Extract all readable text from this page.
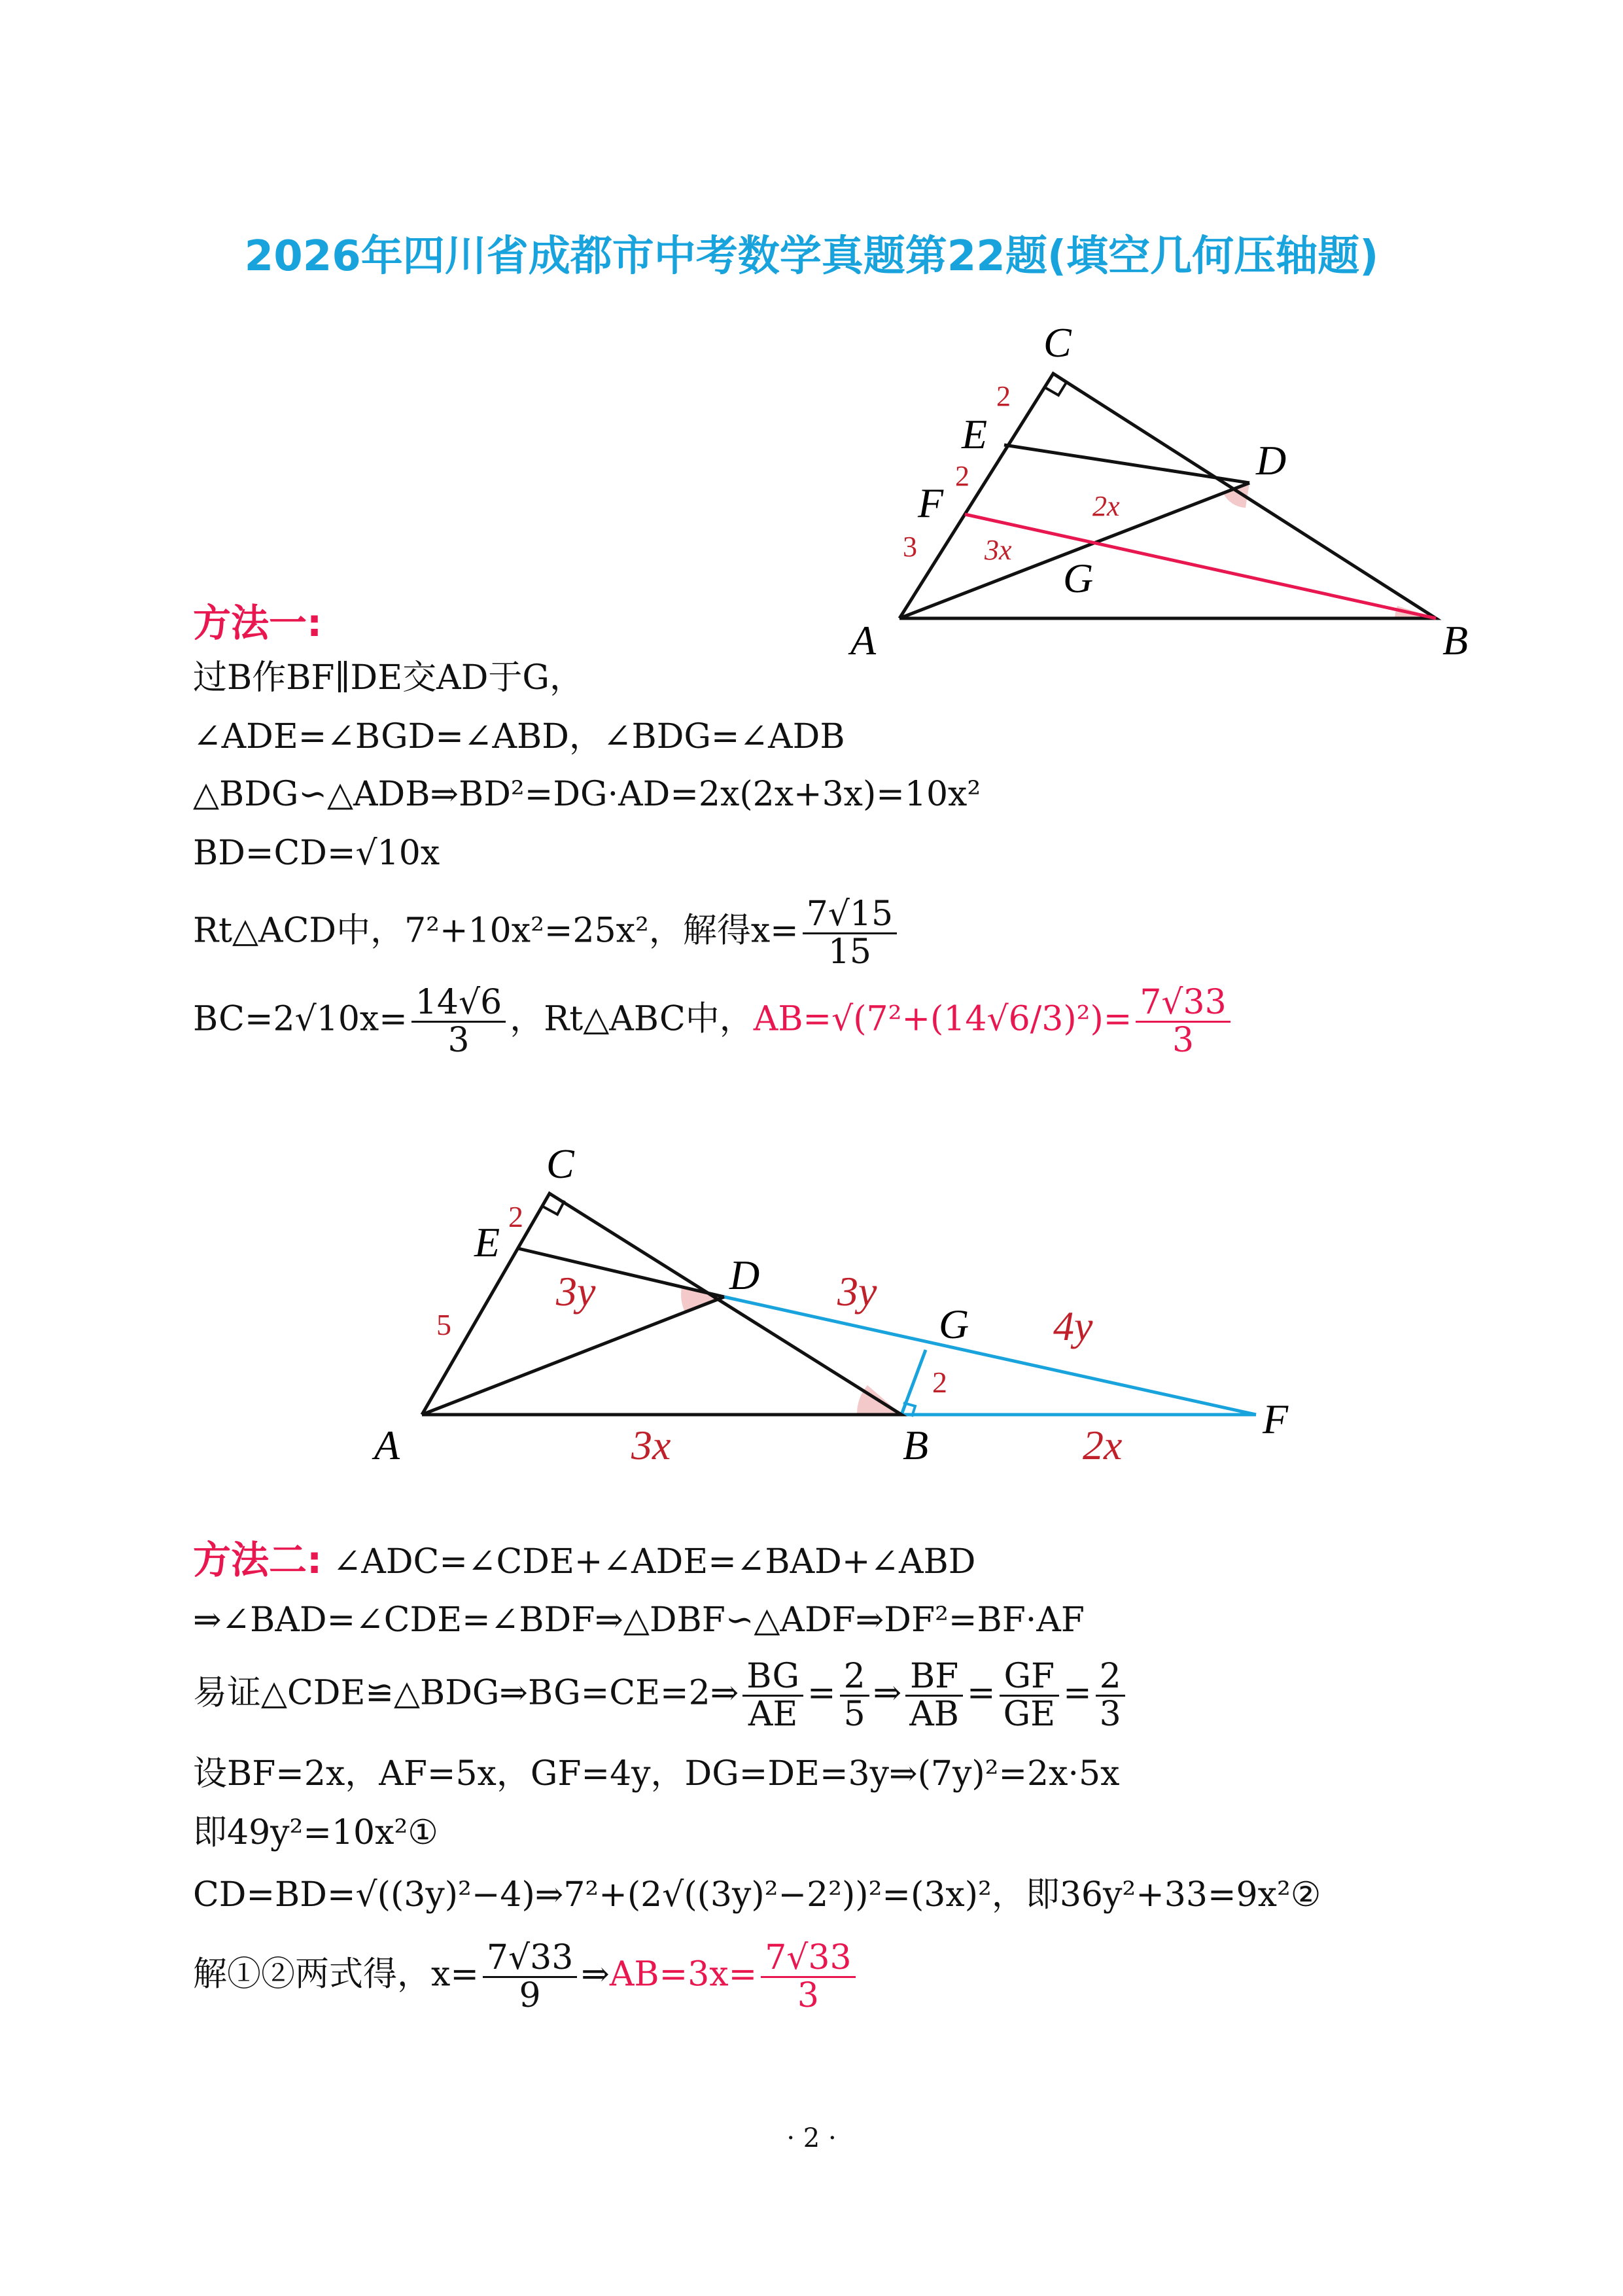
2026年四川省成都市中考数学真题第22题(填空几何压轴题)
C
E
F
D
G
A	B
2
2
3
2x
3x
方法一:
过B作BF∥DE交AD于G，
∠ADE=∠BGD=∠ABD，∠BDG=∠ADB
△BDG∽△ADB⇒BD²=DG·AD=2x(2x+3x)=10x²
BD=CD=√10x
Rt△ACD中，7²+10x²=25x²，解得$x= \frac{7√15}{15}$
$BC=2√10x= \frac{14√6}{3}$ ，Rt△ABC中，$AB=√(7^2+(14√6/3)^2)= \frac{7√33}{3}$
C
E
D
G
A	B
F
2
5
3y	3y
4y
2
3x	2x
方法二: ∠ADC=∠CDE+∠ADE=∠BAD+∠ABD
⇒∠BAD=∠CDE=∠BDF⇒△DBF∽△ADF⇒DF²=BF·AF
易证△CDE≌△BDG⇒BG=CE=2⇒ $\frac{BG}{AE} = \frac{2}{5}$ ⇒ $\frac{BF}{AB} = \frac{GF}{GE} = \frac{2}{3}$
设BF=2x，AF=5x，GF=4y，DG=DE=3y⇒(7y)²=2x·5x
即49y²=10x²①
CD=BD=√((3y)²−4)⇒7²+(2√((3y)²−2²))²=(3x)²，即36y²+33=9x²②
解①②两式得，$x= \frac{7√33}{9}$ ⇒AB=3x= $\frac{7√33}{3}$
· 2 ·
